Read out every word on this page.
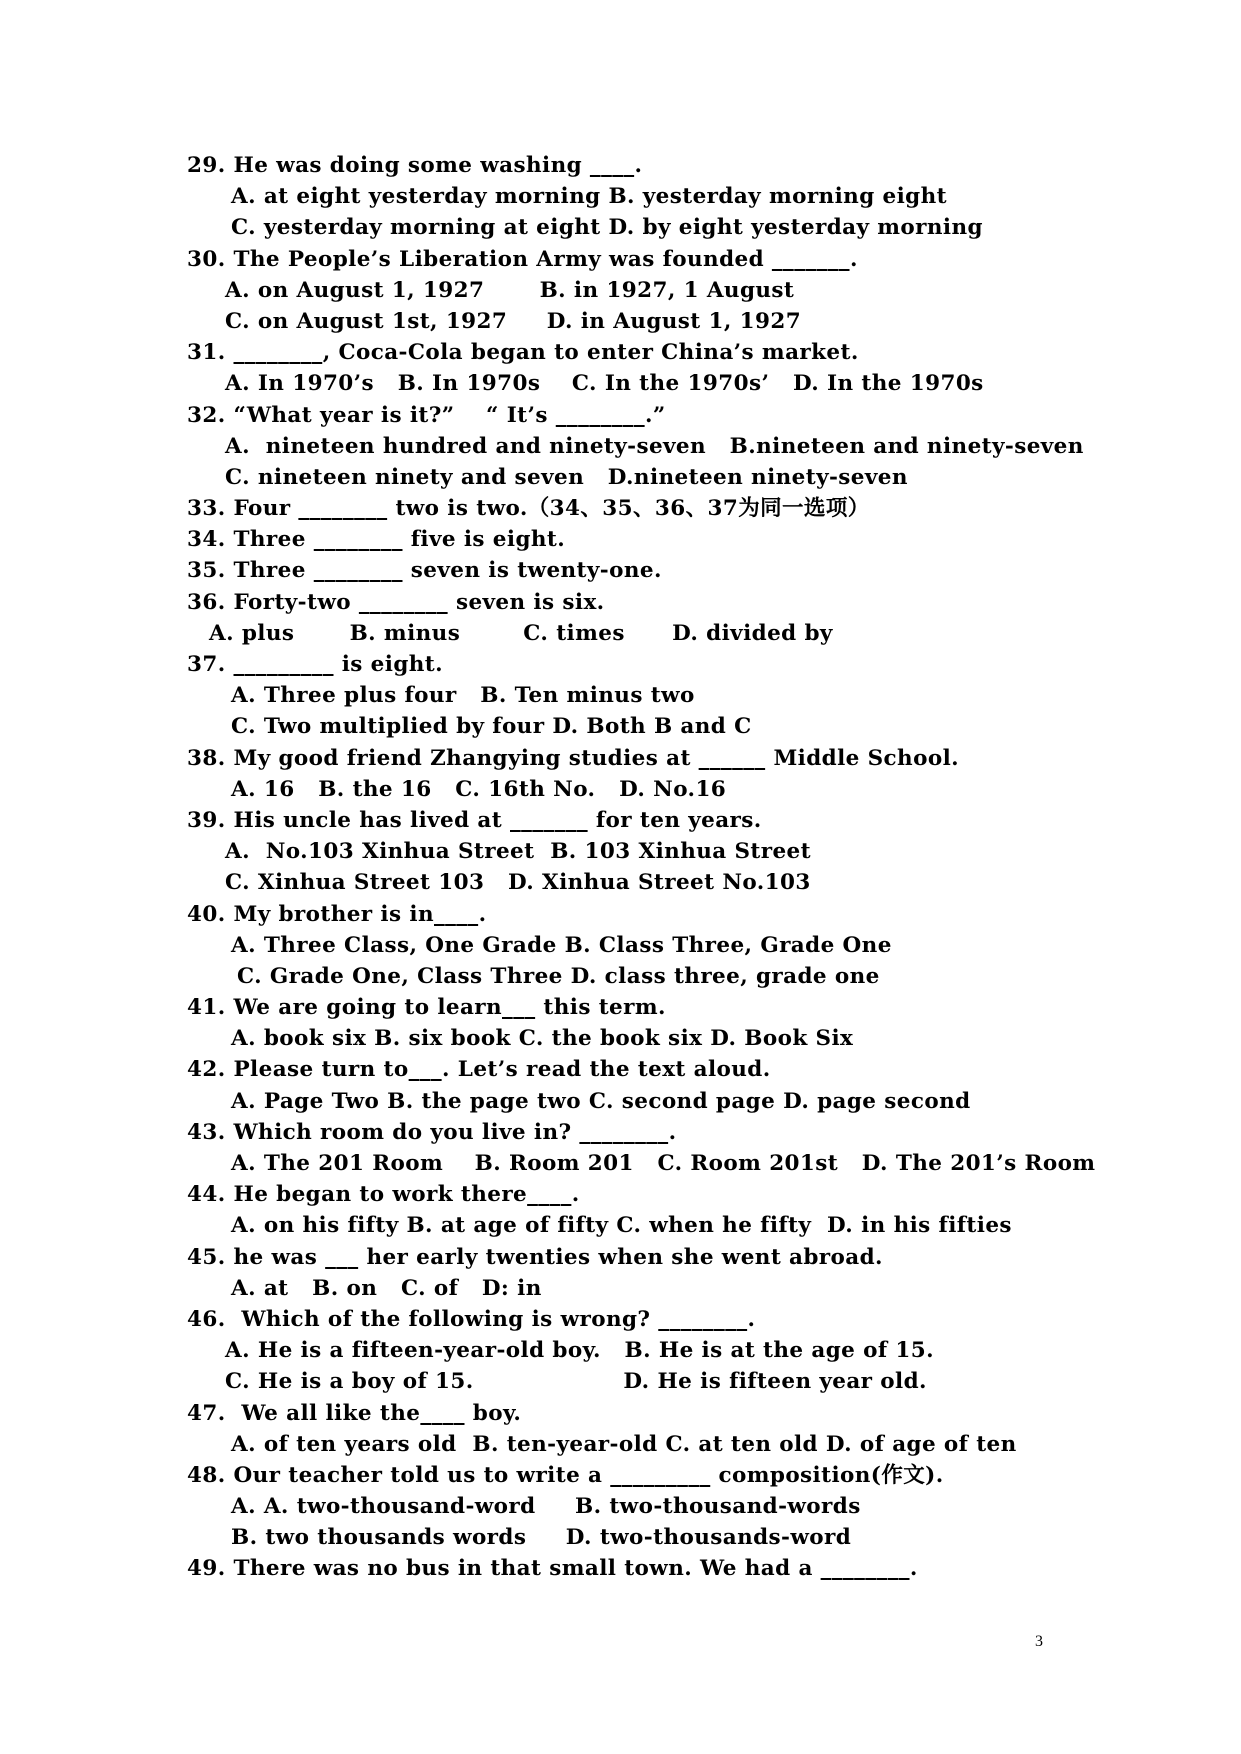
29. He was doing some washing ____.
A. at eight yesterday morning B. yesterday morning eight
C. yesterday morning at eight D. by eight yesterday morning
30. The People’s Liberation Army was founded _______.
A. on August 1, 1927       B. in 1927, 1 August
C. on August 1st, 1927     D. in August 1, 1927
31. ________, Coca-Cola began to enter China’s market.
A. In 1970’s   B. In 1970s    C. In the 1970s’   D. In the 1970s
32. “What year is it?”    “ It’s ________.”
A.  nineteen hundred and ninety-seven   B.nineteen and ninety-seven
C. nineteen ninety and seven   D.nineteen ninety-seven
33. Four ________ two is two.（34、35、36、37为同一选项）
34. Three ________ five is eight.
35. Three ________ seven is twenty-one.
36. Forty-two ________ seven is six.
A. plus       B. minus        C. times      D. divided by
37. _________ is eight.
A. Three plus four   B. Ten minus two
C. Two multiplied by four D. Both B and C
38. My good friend Zhangying studies at ______ Middle School.
A. 16   B. the 16   C. 16th No.   D. No.16
39. His uncle has lived at _______ for ten years.
A.  No.103 Xinhua Street  B. 103 Xinhua Street
C. Xinhua Street 103   D. Xinhua Street No.103
40. My brother is in____.
A. Three Class, One Grade B. Class Three, Grade One
C. Grade One, Class Three D. class three, grade one
41. We are going to learn___ this term.
A. book six B. six book C. the book six D. Book Six
42. Please turn to___. Let’s read the text aloud.
A. Page Two B. the page two C. second page D. page second
43. Which room do you live in? ________.
A. The 201 Room    B. Room 201   C. Room 201st   D. The 201’s Room
44. He began to work there____.
A. on his fifty B. at age of fifty C. when he fifty  D. in his fifties
45. he was ___ her early twenties when she went abroad.
A. at   B. on   C. of   D: in
46.  Which of the following is wrong? ________.
A. He is a fifteen-year-old boy.   B. He is at the age of 15.
C. He is a boy of 15.                   D. He is fifteen year old.
47.  We all like the____ boy.
A. of ten years old  B. ten-year-old C. at ten old D. of age of ten
48. Our teacher told us to write a _________ composition(作文).
A. A. two-thousand-word     B. two-thousand-words
B. two thousands words     D. two-thousands-word
49. There was no bus in that small town. We had a ________.
3
